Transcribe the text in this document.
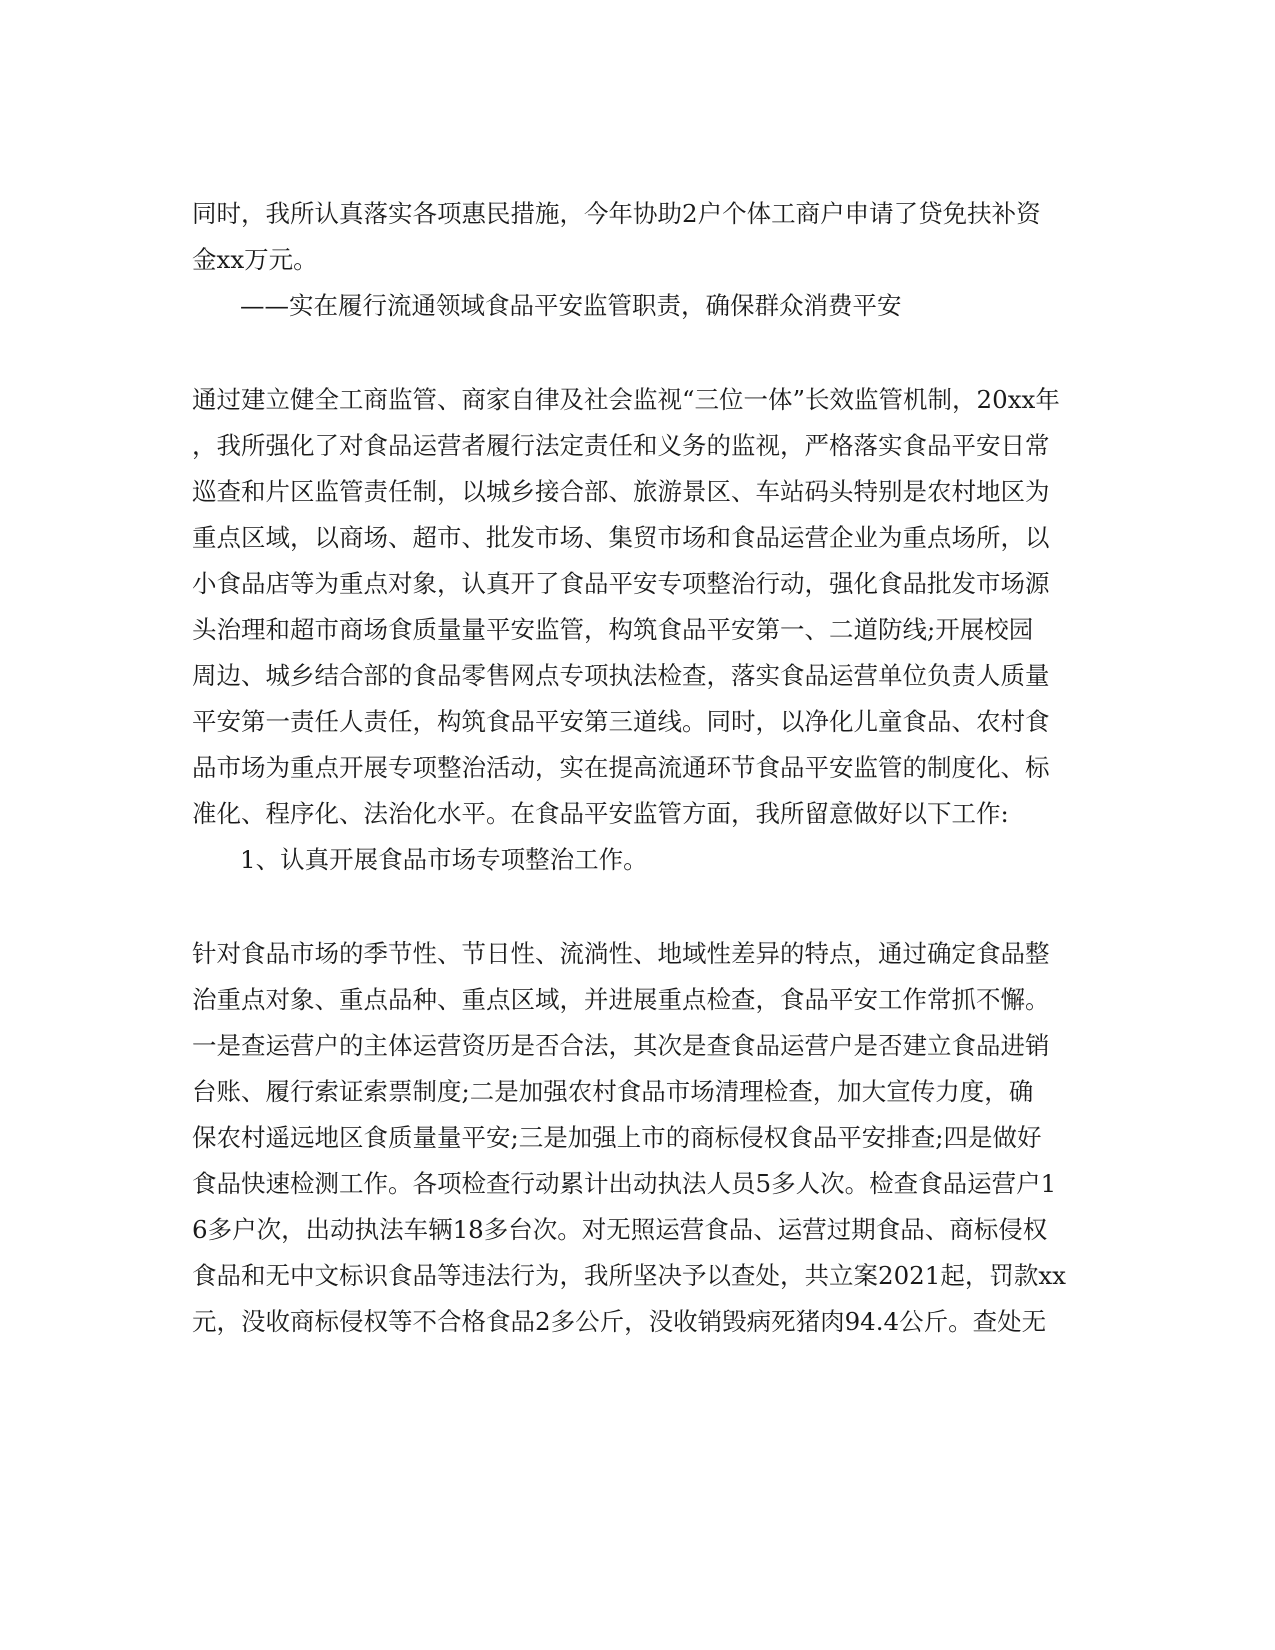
同时，我所认真落实各项惠民措施，今年协助2户个体工商户申请了贷免扶补资
金xx万元。
——实在履行流通领域食品平安监管职责，确保群众消费平安
通过建立健全工商监管、商家自律及社会监视“三位一体”长效监管机制，20xx年
，我所强化了对食品运营者履行法定责任和义务的监视，严格落实食品平安日常
巡查和片区监管责任制，以城乡接合部、旅游景区、车站码头特别是农村地区为
重点区域，以商场、超市、批发市场、集贸市场和食品运营企业为重点场所，以
小食品店等为重点对象，认真开了食品平安专项整治行动，强化食品批发市场源
头治理和超市商场食质量量平安监管，构筑食品平安第一、二道防线;开展校园
周边、城乡结合部的食品零售网点专项执法检查，落实食品运营单位负责人质量
平安第一责任人责任，构筑食品平安第三道线。同时，以净化儿童食品、农村食
品市场为重点开展专项整治活动，实在提高流通环节食品平安监管的制度化、标
准化、程序化、法治化水平。在食品平安监管方面，我所留意做好以下工作:
1、认真开展食品市场专项整治工作。
针对食品市场的季节性、节日性、流淌性、地域性差异的特点，通过确定食品整
治重点对象、重点品种、重点区域，并进展重点检查，食品平安工作常抓不懈。
一是查运营户的主体运营资历是否合法，其次是查食品运营户是否建立食品进销
台账、履行索证索票制度;二是加强农村食品市场清理检查，加大宣传力度，确
保农村遥远地区食质量量平安;三是加强上市的商标侵权食品平安排查;四是做好
食品快速检测工作。各项检查行动累计出动执法人员5多人次。检查食品运营户1
6多户次，出动执法车辆18多台次。对无照运营食品、运营过期食品、商标侵权
食品和无中文标识食品等违法行为，我所坚决予以查处，共立案2021起，罚款xx
元，没收商标侵权等不合格食品2多公斤，没收销毁病死猪肉94.4公斤。查处无
